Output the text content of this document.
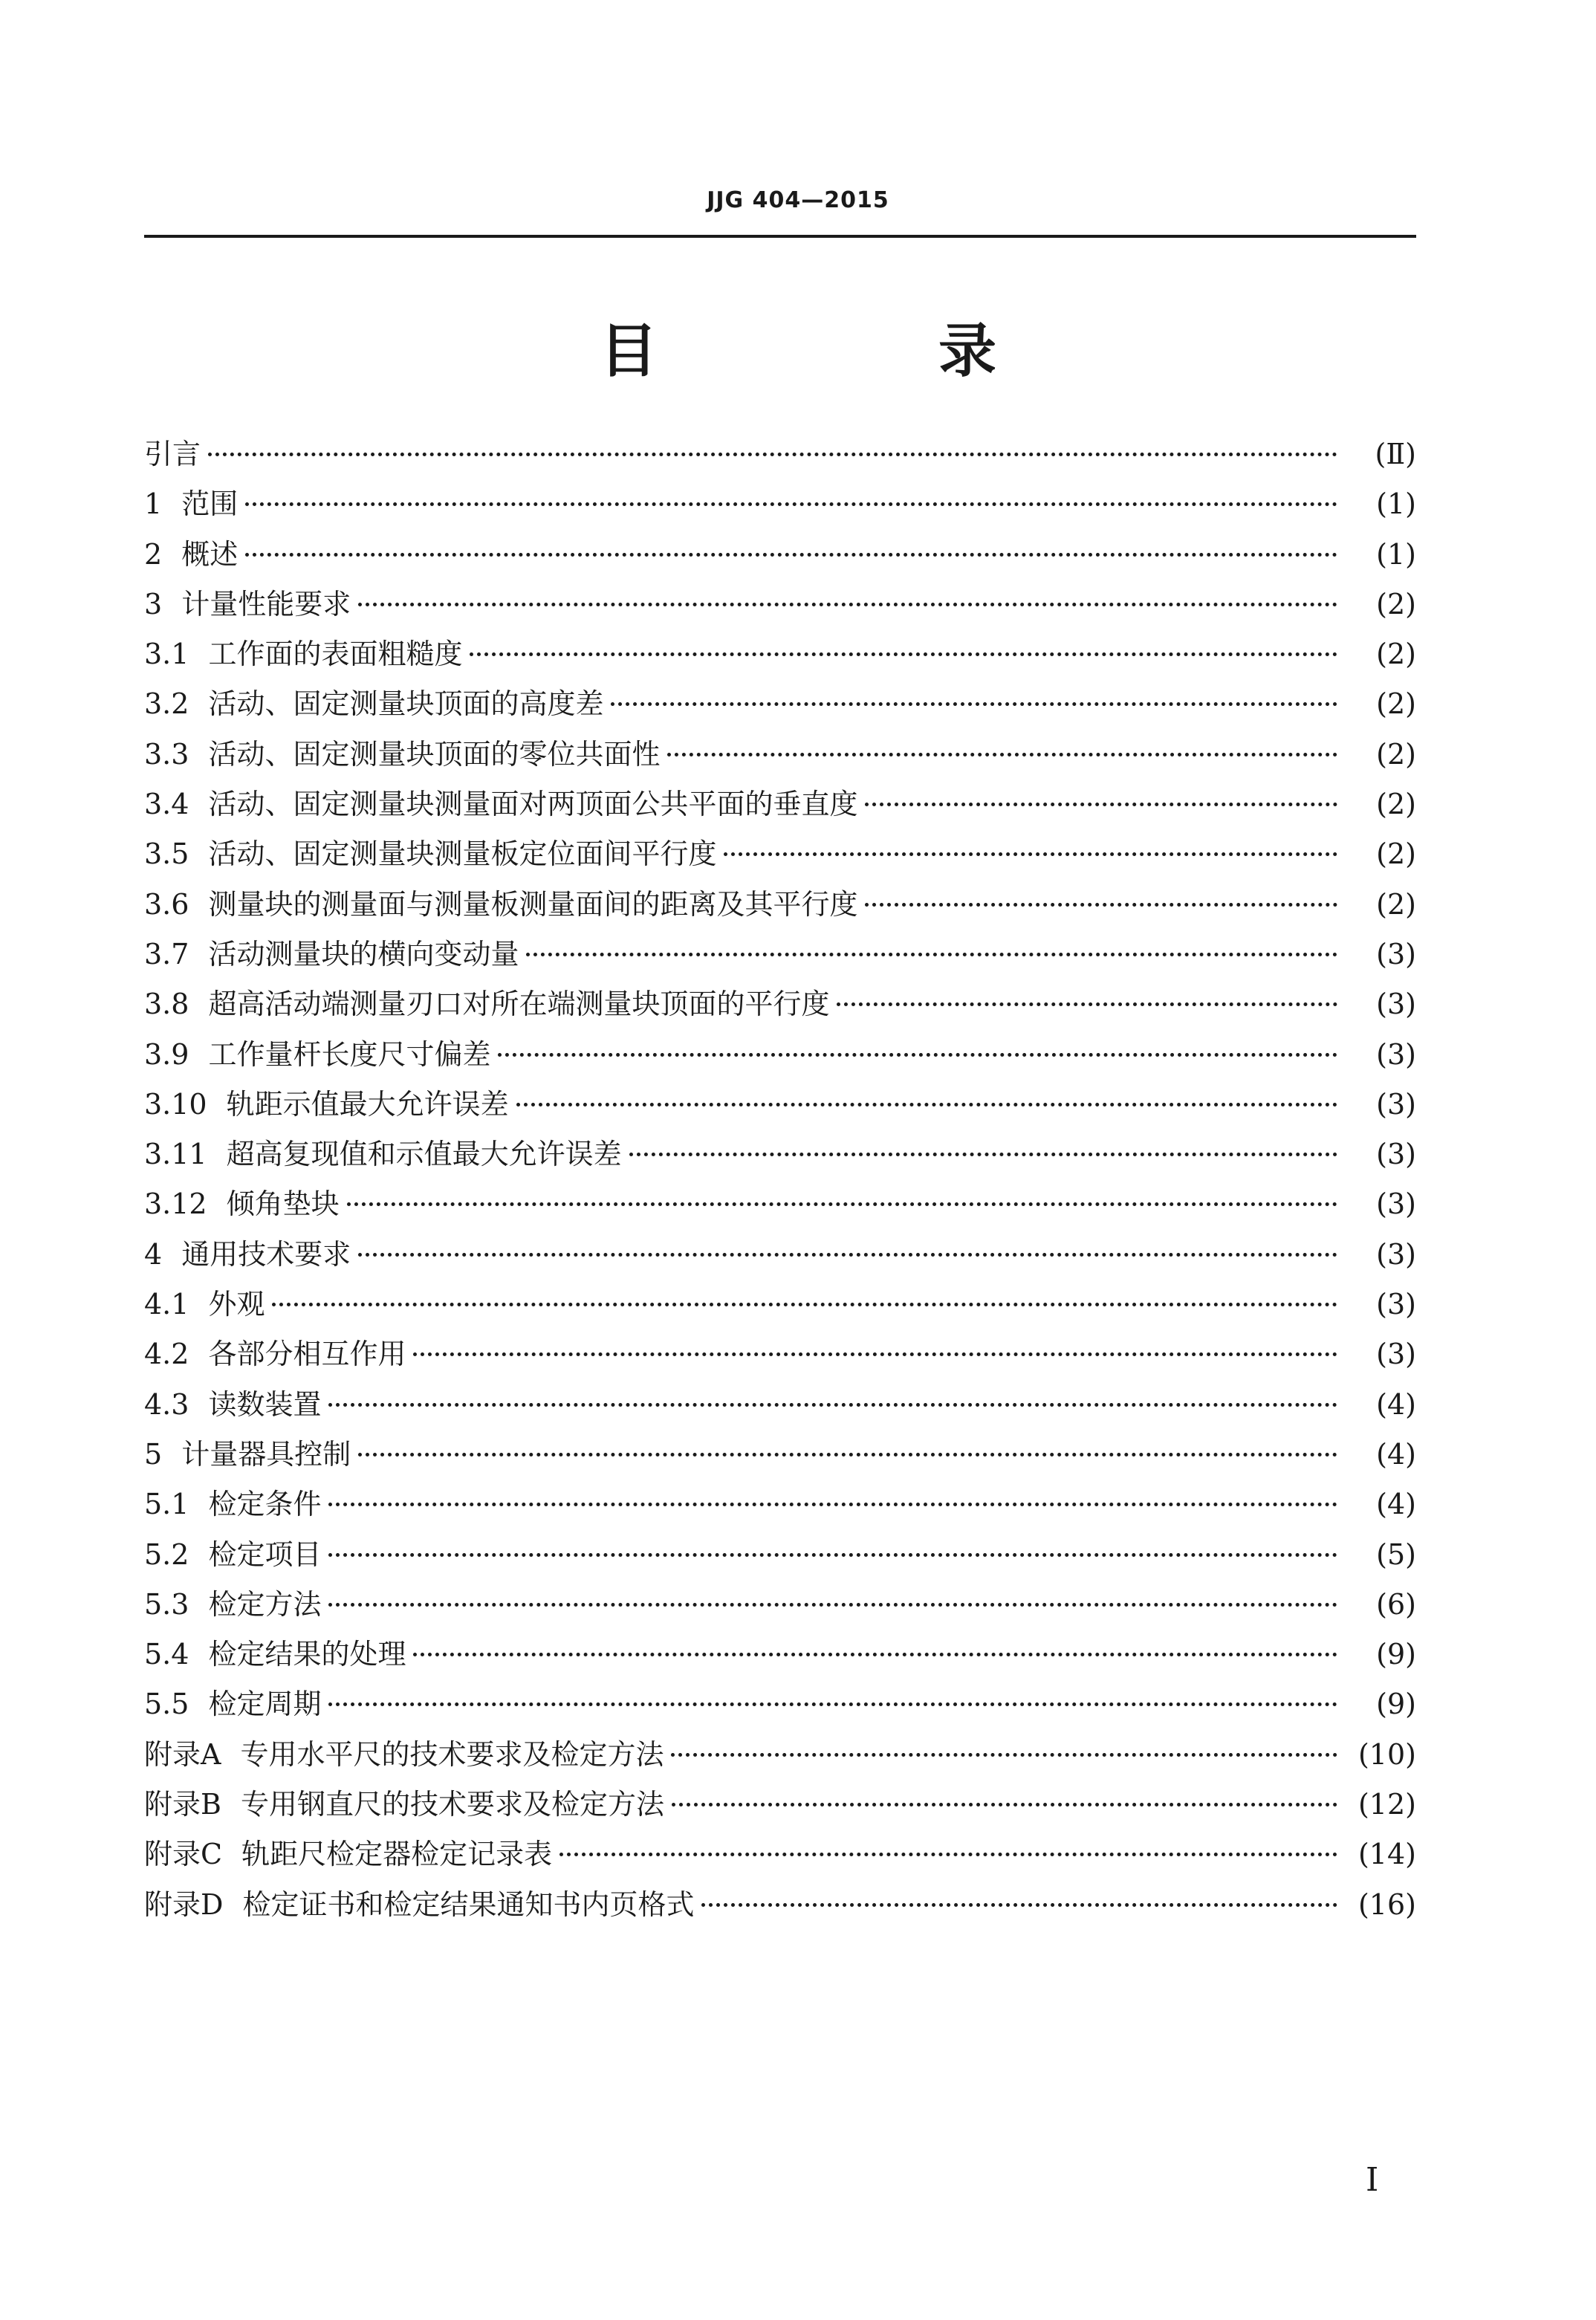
JJG 404—2015
目　录
引言	(Ⅱ)
1 范围	(1)
2 概述	(1)
3 计量性能要求	(2)
3.1 工作面的表面粗糙度	(2)
3.2 活动、固定测量块顶面的高度差	(2)
3.3 活动、固定测量块顶面的零位共面性	(2)
3.4 活动、固定测量块测量面对两顶面公共平面的垂直度	(2)
3.5 活动、固定测量块测量板定位面间平行度	(2)
3.6 测量块的测量面与测量板测量面间的距离及其平行度	(2)
3.7 活动测量块的横向变动量	(3)
3.8 超高活动端测量刃口对所在端测量块顶面的平行度	(3)
3.9 工作量杆长度尺寸偏差	(3)
3.10 轨距示值最大允许误差	(3)
3.11 超高复现值和示值最大允许误差	(3)
3.12 倾角垫块	(3)
4 通用技术要求	(3)
4.1 外观	(3)
4.2 各部分相互作用	(3)
4.3 读数装置	(4)
5 计量器具控制	(4)
5.1 检定条件	(4)
5.2 检定项目	(5)
5.3 检定方法	(6)
5.4 检定结果的处理	(9)
5.5 检定周期	(9)
附录A 专用水平尺的技术要求及检定方法	(10)
附录B 专用钢直尺的技术要求及检定方法	(12)
附录C 轨距尺检定器检定记录表	(14)
附录D 检定证书和检定结果通知书内页格式	(16)
I
